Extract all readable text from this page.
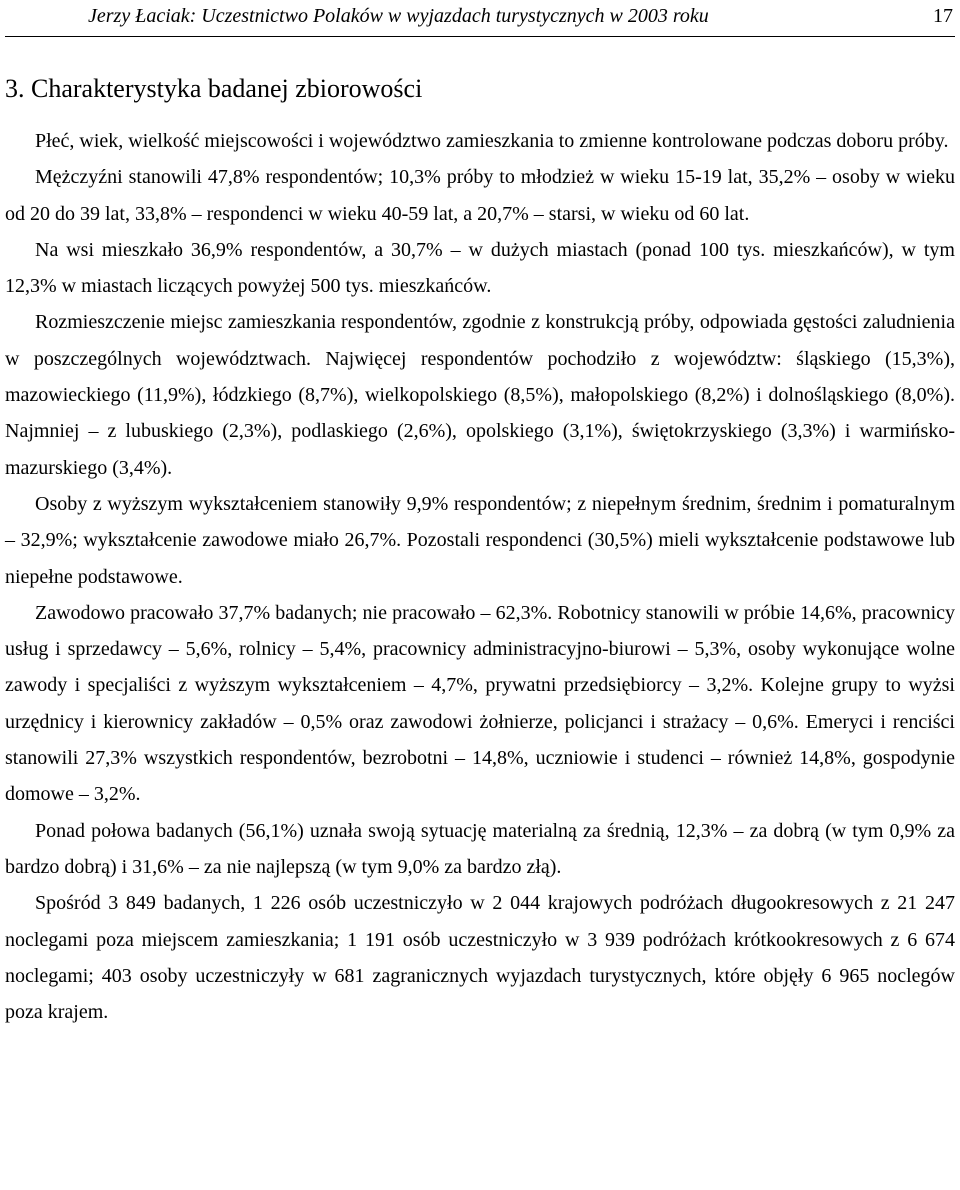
Jerzy Łaciak: Uczestnictwo Polaków w wyjazdach turystycznych w 2003 roku	17
3. Charakterystyka badanej zbiorowości

Płeć, wiek, wielkość miejscowości i województwo zamieszkania to zmienne kontrolowane podczas doboru próby.

Mężczyźni stanowili 47,8% respondentów; 10,3% próby to młodzież w wieku 15-19 lat, 35,2% – osoby w wieku od 20 do 39 lat, 33,8% – respondenci w wieku 40-59 lat, a 20,7% – starsi, w wieku od 60 lat.

Na wsi mieszkało 36,9% respondentów, a 30,7% – w dużych miastach (ponad 100 tys. mieszkańców), w tym 12,3% w miastach liczących powyżej 500 tys. mieszkańców.

Rozmieszczenie miejsc zamieszkania respondentów, zgodnie z konstrukcją próby, odpowiada gęstości zaludnienia w poszczególnych województwach. Najwięcej respondentów pochodziło z województw: śląskiego (15,3%), mazowieckiego (11,9%), łódzkiego (8,7%), wielkopolskiego (8,5%), małopolskiego (8,2%) i dolnośląskiego (8,0%). Najmniej – z lubuskiego (2,3%), podlaskiego (2,6%), opolskiego (3,1%), świętokrzyskiego (3,3%) i warmińskomazurskiego (3,4%).

Osoby z wyższym wykształceniem stanowiły 9,9% respondentów; z niepełnym średnim, średnim i pomaturalnym – 32,9%; wykształcenie zawodowe miało 26,7%. Pozostali respondenci (30,5%) mieli wykształcenie podstawowe lub niepełne podstawowe.

Zawodowo pracowało 37,7% badanych; nie pracowało – 62,3%. Robotnicy stanowili w próbie 14,6%, pracownicy usług i sprzedawcy – 5,6%, rolnicy – 5,4%, pracownicy administracyjno-biurowi – 5,3%, osoby wykonujące wolne zawody i specjaliści z wyższym wykształceniem – 4,7%, prywatni przedsiębiorcy – 3,2%. Kolejne grupy to wyżsi urzędnicy i kierownicy zakładów – 0,5% oraz zawodowi żołnierze, policjanci i strażacy – 0,6%. Emeryci i renciści stanowili 27,3% wszystkich respondentów, bezrobotni – 14,8%, uczniowie i studenci – również 14,8%, gospodynie domowe – 3,2%.

Ponad połowa badanych (56,1%) uznała swoją sytuację materialną za średnią, 12,3% – za dobrą (w tym 0,9% za bardzo dobrą) i 31,6% – za nie najlepszą (w tym 9,0% za bardzo złą).

Spośród 3 849 badanych, 1 226 osób uczestniczyło w 2 044 krajowych podróżach długookresowych z 21 247 noclegami poza miejscem zamieszkania; 1 191 osób uczestniczyło w 3 939 podróżach krótkookresowych z 6 674 noclegami; 403 osoby uczestniczyły w 681 zagranicznych wyjazdach turystycznych, które objęły 6 965 noclegów poza krajem.
